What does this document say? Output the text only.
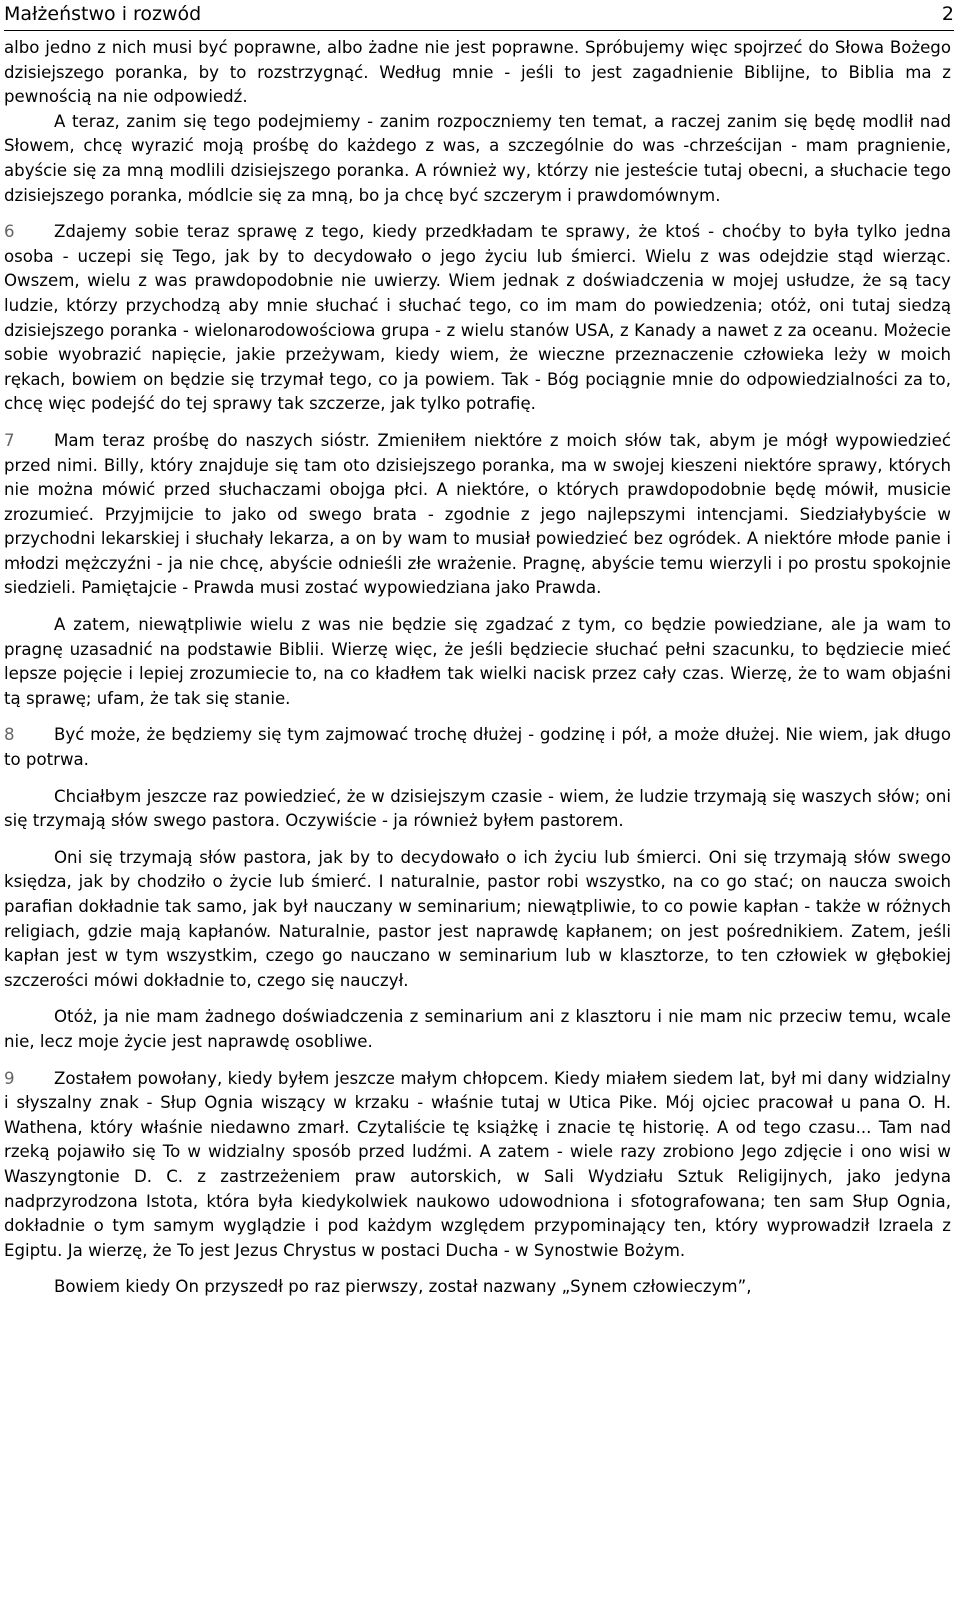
Małżeństwo i rozwód	2

albo jedno z nich musi być poprawne, albo żadne nie jest poprawne. Spróbujemy więc spojrzeć do Słowa Bożego dzisiejszego poranka, by to rozstrzygnąć. Według mnie - jeśli to jest zagadnienie Biblijne, to Biblia ma z pewnością na nie odpowiedź.

A teraz, zanim się tego podejmiemy - zanim rozpoczniemy ten temat, a raczej zanim się będę modlił nad Słowem, chcę wyrazić moją prośbę do każdego z was, a szczególnie do was -chrześcijan - mam pragnienie, abyście się za mną modlili dzisiejszego poranka. A również wy, którzy nie jesteście tutaj obecni, a słuchacie tego dzisiejszego poranka, módlcie się za mną, bo ja chcę być szczerym i prawdomównym.

6 Zdajemy sobie teraz sprawę z tego, kiedy przedkładam te sprawy, że ktoś - choćby to była tylko jedna osoba - uczepi się Tego, jak by to decydowało o jego życiu lub śmierci. Wielu z was odejdzie stąd wierząc. Owszem, wielu z was prawdopodobnie nie uwierzy. Wiem jednak z doświadczenia w mojej usłudze, że są tacy ludzie, którzy przychodzą aby mnie słuchać i słuchać tego, co im mam do powiedzenia; otóż, oni tutaj siedzą dzisiejszego poranka - wielonarodowościowa grupa - z wielu stanów USA, z Kanady a nawet z za oceanu. Możecie sobie wyobrazić napięcie, jakie przeżywam, kiedy wiem, że wieczne przeznaczenie człowieka leży w moich rękach, bowiem on będzie się trzymał tego, co ja powiem. Tak - Bóg pociągnie mnie do odpowiedzialności za to, chcę więc podejść do tej sprawy tak szczerze, jak tylko potrafię.

7 Mam teraz prośbę do naszych sióstr. Zmieniłem niektóre z moich słów tak, abym je mógł wypowiedzieć przed nimi. Billy, który znajduje się tam oto dzisiejszego poranka, ma w swojej kieszeni niektóre sprawy, których nie można mówić przed słuchaczami obojga płci. A niektóre, o których prawdopodobnie będę mówił, musicie zrozumieć. Przyjmijcie to jako od swego brata - zgodnie z jego najlepszymi intencjami. Siedziałybyście w przychodni lekarskiej i słuchały lekarza, a on by wam to musiał powiedzieć bez ogródek. A niektóre młode panie i młodzi mężczyźni - ja nie chcę, abyście odnieśli złe wrażenie. Pragnę, abyście temu wierzyli i po prostu spokojnie siedzieli. Pamiętajcie - Prawda musi zostać wypowiedziana jako Prawda.

A zatem, niewątpliwie wielu z was nie będzie się zgadzać z tym, co będzie powiedziane, ale ja wam to pragnę uzasadnić na podstawie Biblii. Wierzę więc, że jeśli będziecie słuchać pełni szacunku, to będziecie mieć lepsze pojęcie i lepiej zrozumiecie to, na co kładłem tak wielki nacisk przez cały czas. Wierzę, że to wam objaśni tą sprawę; ufam, że tak się stanie.

8 Być może, że będziemy się tym zajmować trochę dłużej - godzinę i pół, a może dłużej. Nie wiem, jak długo to potrwa.

Chciałbym jeszcze raz powiedzieć, że w dzisiejszym czasie - wiem, że ludzie trzymają się waszych słów; oni się trzymają słów swego pastora. Oczywiście - ja również byłem pastorem.

Oni się trzymają słów pastora, jak by to decydowało o ich życiu lub śmierci. Oni się trzymają słów swego księdza, jak by chodziło o życie lub śmierć. I naturalnie, pastor robi wszystko, na co go stać; on naucza swoich parafian dokładnie tak samo, jak był nauczany w seminarium; niewątpliwie, to co powie kapłan - także w różnych religiach, gdzie mają kapłanów. Naturalnie, pastor jest naprawdę kapłanem; on jest pośrednikiem. Zatem, jeśli kapłan jest w tym wszystkim, czego go nauczano w seminarium lub w klasztorze, to ten człowiek w głębokiej szczerości mówi dokładnie to, czego się nauczył.

Otóż, ja nie mam żadnego doświadczenia z seminarium ani z klasztoru i nie mam nic przeciw temu, wcale nie, lecz moje życie jest naprawdę osobliwe.

9 Zostałem powołany, kiedy byłem jeszcze małym chłopcem. Kiedy miałem siedem lat, był mi dany widzialny i słyszalny znak - Słup Ognia wiszący w krzaku - właśnie tutaj w Utica Pike. Mój ojciec pracował u pana O. H. Wathena, który właśnie niedawno zmarł. Czytaliście tę książkę i znacie tę historię. A od tego czasu... Tam nad rzeką pojawiło się To w widzialny sposób przed ludźmi. A zatem - wiele razy zrobiono Jego zdjęcie i ono wisi w Waszyngtonie D. C. z zastrzeżeniem praw autorskich, w Sali Wydziału Sztuk Religijnych, jako jedyna nadprzyrodzona Istota, która była kiedykolwiek naukowo udowodniona i sfotografowana; ten sam Słup Ognia, dokładnie o tym samym wyglądzie i pod każdym względem przypominający ten, który wyprowadził Izraela z Egiptu. Ja wierzę, że To jest Jezus Chrystus w postaci Ducha - w Synostwie Bożym.

Bowiem kiedy On przyszedł po raz pierwszy, został nazwany „Synem człowieczym”,
